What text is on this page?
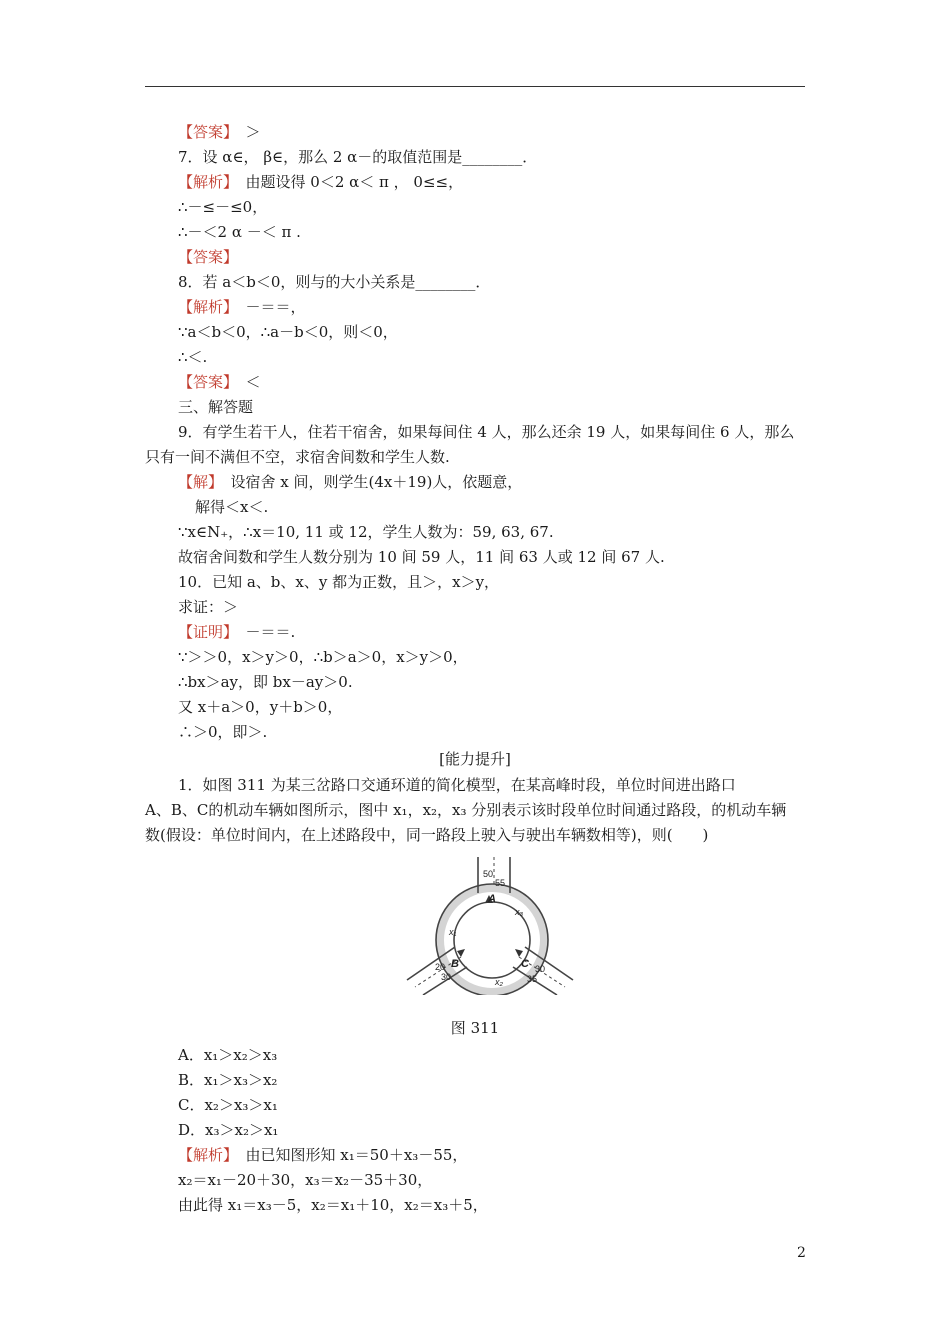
【答案】　＞
7．设 α∈， β∈，那么 2 α－的取值范围是________．
【解析】　由题设得 0＜2 α＜ π ， 0≤≤，
∴－≤－≤0，
∴－＜2 α －＜ π .
【答案】
8．若 a＜b＜0，则与的大小关系是________．
【解析】　－＝＝，
∵a＜b＜0，∴a－b＜0，则＜0，
∴＜.
【答案】　＜
三、解答题
9．有学生若干人，住若干宿舍，如果每间住 4 人，那么还余 19 人，如果每间住 6 人，那么
只有一间不满但不空，求宿舍间数和学生人数.
【解】　设宿舍 x 间，则学生(4x＋19)人，依题意，
解得＜x＜.
∵x∈N₊，∴x＝10, 11 或 12，学生人数为：59, 63, 67.
故宿舍间数和学生人数分别为 10 间 59 人，11 间 63 人或 12 间 67 人.
10．已知 a、b、x、y 都为正数，且＞，x＞y，
求证：＞
【证明】　－＝＝.
∵＞＞0，x＞y＞0，∴b＞a＞0，x＞y＞0，
∴bx＞ay，即 bx－ay＞0.
又 x＋a＞0，y＋b＞0，
∴＞0，即＞.
[能力提升]
1．如图 311 为某三岔路口交通环道的简化模型，在某高峰时段，单位时间进出路口
A、B、C的机动车辆如图所示，图中 x₁，x₂，x₃ 分别表示该时段单位时间通过路段，的机动车辆
数(假设：单位时间内，在上述路段中，同一路段上驶入与驶出车辆数相等)，则(　　)
50
55
A
x₃
x₁
20 B
30
C 30
35
x₂
图 311
A．x₁＞x₂＞x₃
B．x₁＞x₃＞x₂
C．x₂＞x₃＞x₁
D．x₃＞x₂＞x₁
【解析】　由已知图形知 x₁＝50＋x₃－55，
x₂＝x₁－20＋30，x₃＝x₂－35＋30，
由此得 x₁＝x₃－5，x₂＝x₁＋10，x₂＝x₃＋5，
2
